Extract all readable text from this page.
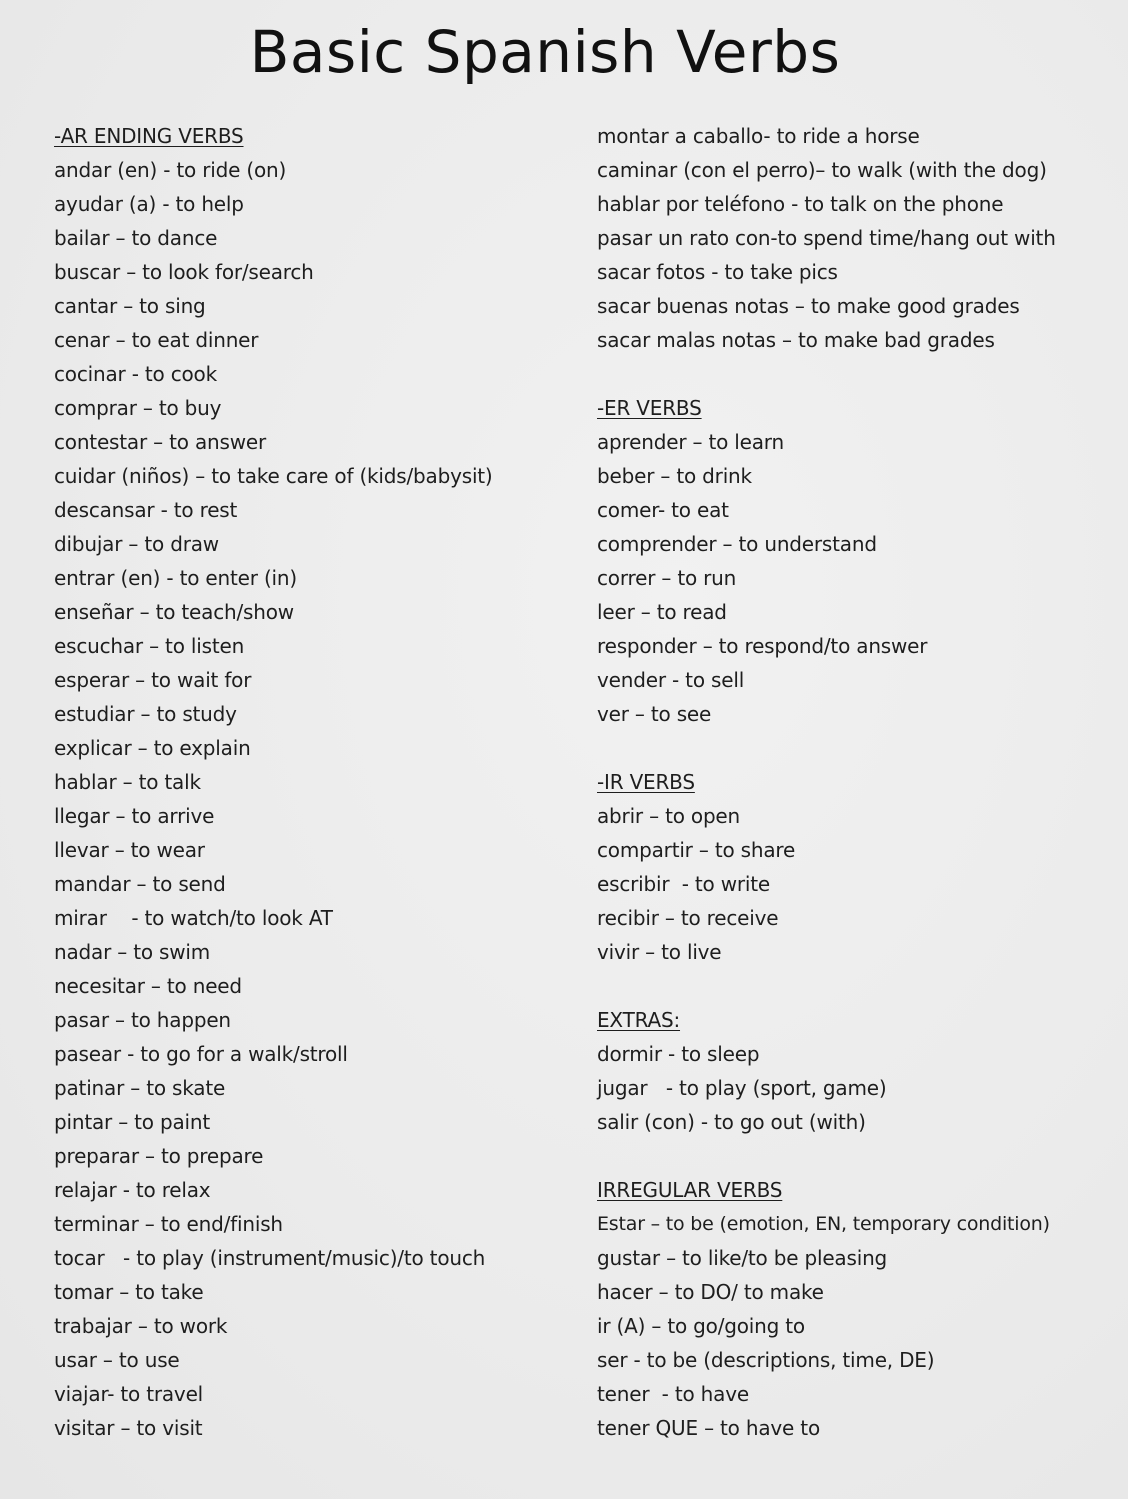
Basic Spanish Verbs
-AR ENDING VERBS
andar (en) - to ride (on)
ayudar (a) - to help
bailar – to dance
buscar – to look for/search
cantar – to sing
cenar – to eat dinner
cocinar - to cook
comprar – to buy
contestar – to answer
cuidar (niños) – to take care of (kids/babysit)
descansar - to rest
dibujar – to draw
entrar (en) - to enter (in)
enseñar – to teach/show
escuchar – to listen
esperar – to wait for
estudiar – to study
explicar – to explain
hablar – to talk
llegar – to arrive
llevar – to wear
mandar – to send
mirar    - to watch/to look AT
nadar – to swim
necesitar – to need
pasar – to happen
pasear - to go for a walk/stroll
patinar – to skate
pintar – to paint
preparar – to prepare
relajar - to relax
terminar – to end/finish
tocar   - to play (instrument/music)/to touch
tomar – to take
trabajar – to work
usar – to use
viajar- to travel
visitar – to visit
montar a caballo- to ride a horse
caminar (con el perro)– to walk (with the dog)
hablar por teléfono - to talk on the phone
pasar un rato con-to spend time/hang out with
sacar fotos - to take pics
sacar buenas notas – to make good grades
sacar malas notas – to make bad grades
-ER VERBS
aprender – to learn
beber – to drink
comer- to eat
comprender – to understand
correr – to run
leer – to read
responder – to respond/to answer
vender - to sell
ver – to see
-IR VERBS
abrir – to open
compartir – to share
escribir  - to write
recibir – to receive
vivir – to live
EXTRAS:
dormir - to sleep
jugar   - to play (sport, game)
salir (con) - to go out (with)
IRREGULAR VERBS
Estar – to be (emotion, EN, temporary condition)
gustar – to like/to be pleasing
hacer – to DO/ to make
ir (A) – to go/going to
ser - to be (descriptions, time, DE)
tener  - to have
tener QUE – to have to
